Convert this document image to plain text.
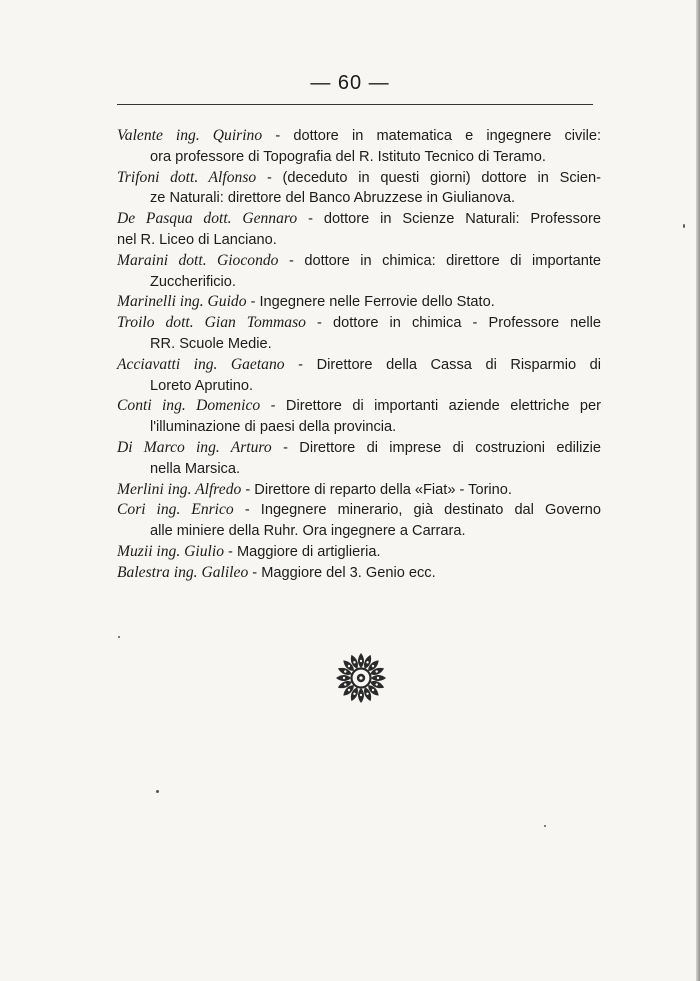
— 60 —

Valente ing. Quirino - dottore in matematica e ingegnere civile:
ora professore di Topografia del R. Istituto Tecnico di Teramo.

Trifoni dott. Alfonso - (deceduto in questi giorni) dottore in Scien-
ze Naturali: direttore del Banco Abruzzese in Giulianova.

De Pasqua dott. Gennaro - dottore in Scienze Naturali: Professore
nel R. Liceo di Lanciano.

Maraini dott. Giocondo - dottore in chimica: direttore di importante
Zuccherificio.

Marinelli ing. Guido - Ingegnere nelle Ferrovie dello Stato.

Troilo dott. Gian Tommaso - dottore in chimica - Professore nelle
RR. Scuole Medie.

Acciavatti ing. Gaetano - Direttore della Cassa di Risparmio di
Loreto Aprutino.

Conti ing. Domenico - Direttore di importanti aziende elettriche per
l'illuminazione di paesi della provincia.

Di Marco ing. Arturo - Direttore di imprese di costruzioni edilizie
nella Marsica.

Merlini ing. Alfredo - Direttore di reparto della «Fiat» - Torino.

Cori ing. Enrico - Ingegnere minerario, già destinato dal Governo
alle miniere della Ruhr. Ora ingegnere a Carrara.

Muzii ing. Giulio - Maggiore di artiglieria.

Balestra ing. Galileo - Maggiore del 3. Genio ecc.
